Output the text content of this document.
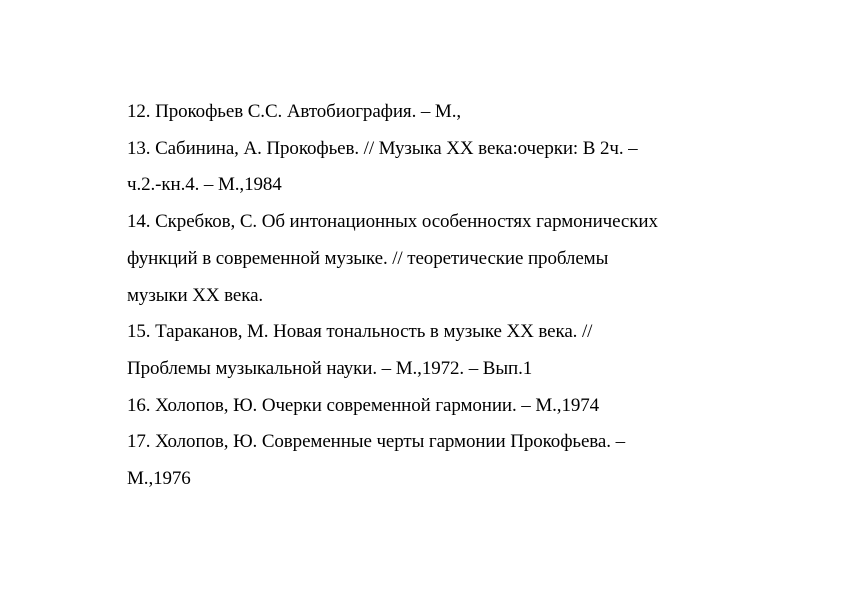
12. Прокофьев С.С. Автобиография. – М.,
13. Сабинина, А. Прокофьев. // Музыка ХХ века:очерки: В 2ч. –
ч.2.-кн.4. – М.,1984
14. Скребков, С. Об интонационных особенностях гармонических
функций в современной музыке. // теоретические проблемы
музыки ХХ века.
15. Тараканов, М. Новая тональность в музыке ХХ века. //
Проблемы музыкальной науки. – М.,1972. – Вып.1
16. Холопов, Ю. Очерки современной гармонии. – М.,1974
17. Холопов, Ю. Современные черты гармонии Прокофьева. –
М.,1976
